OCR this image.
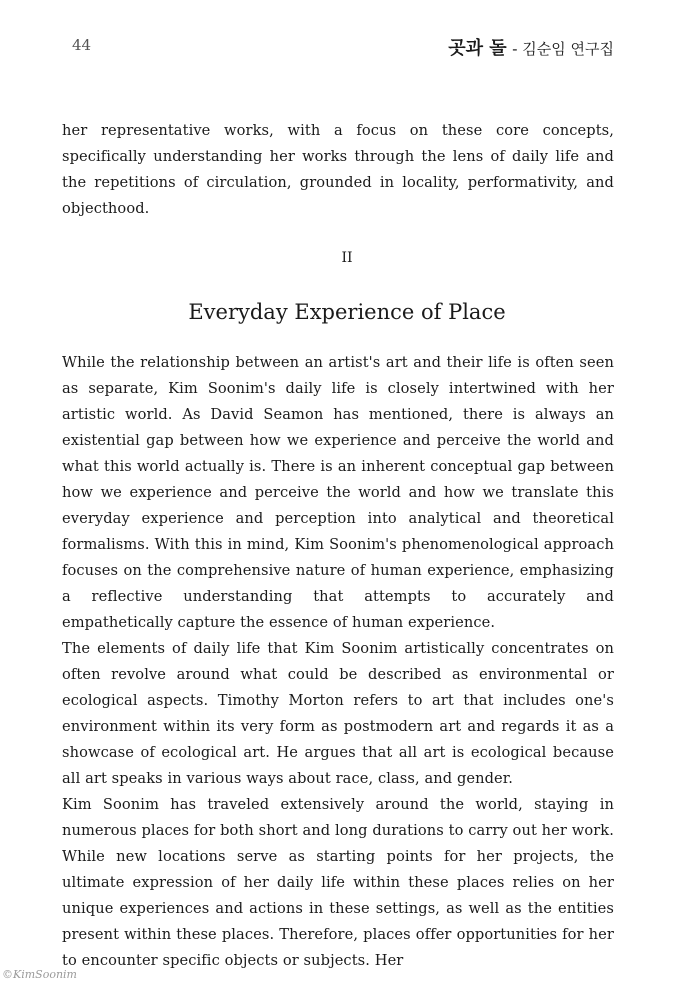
44	곳과 돌 - 김순임 연구집
her representative works, with a focus on these core concepts, specifically understanding her works through the lens of daily life and the repetitions of circulation, grounded in locality, performativity, and objecthood.
II
Everyday Experience of Place

While the relationship between an artist's art and their life is often seen as separate, Kim Soonim's daily life is closely intertwined with her artistic world. As David Seamon has mentioned, there is always an existential gap between how we experience and perceive the world and what this world actually is. There is an inherent conceptual gap between how we experience and perceive the world and how we translate this everyday experience and perception into analytical and theoretical formalisms. With this in mind, Kim Soonim's phenomenological approach focuses on the comprehensive nature of human experience, emphasizing a reflective understanding that attempts to accurately and empathetically capture the essence of human experience.

The elements of daily life that Kim Soonim artistically concentrates on often revolve around what could be described as environmental or ecological aspects. Timothy Morton refers to art that includes one's environment within its very form as postmodern art and regards it as a showcase of ecological art. He argues that all art is ecological because all art speaks in various ways about race, class, and gender.

Kim Soonim has traveled extensively around the world, staying in numerous places for both short and long durations to carry out her work. While new locations serve as starting points for her projects, the ultimate expression of her daily life within these places relies on her unique experiences and actions in these settings, as well as the entities present within these places. Therefore, places offer opportunities for her to encounter specific objects or subjects. Her

©KimSoonim
